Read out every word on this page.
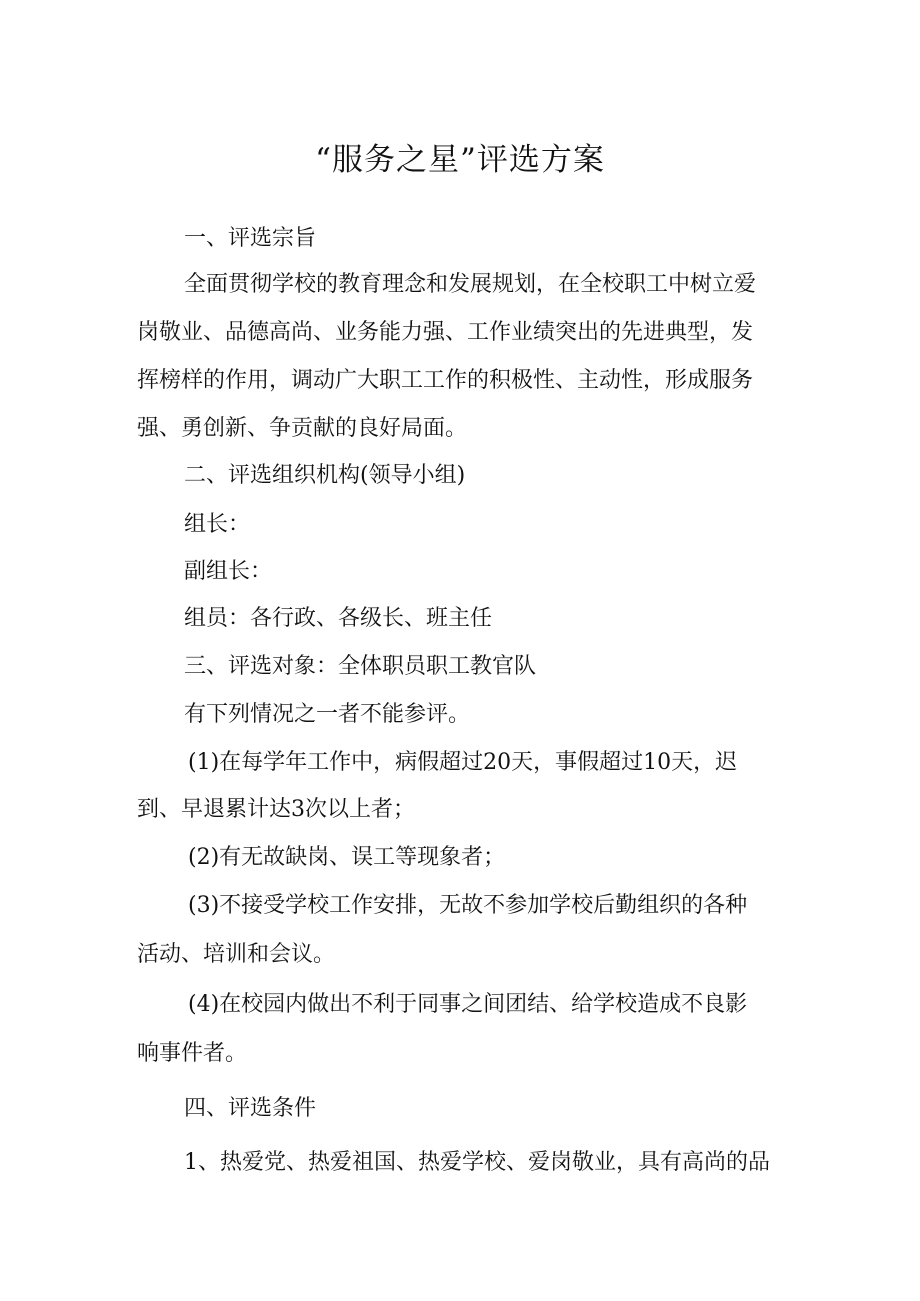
“服务之星”评选方案
一、评选宗旨
全面贯彻学校的教育理念和发展规划，在全校职工中树立爱
岗敬业、品德高尚、业务能力强、工作业绩突出的先进典型，发
挥榜样的作用，调动广大职工工作的积极性、主动性，形成服务
强、勇创新、争贡献的良好局面。
二、评选组织机构(领导小组)
组长：
副组长：
组员：各行政、各级长、班主任
三、评选对象：全体职员职工教官队
有下列情况之一者不能参评。
(1)在每学年工作中，病假超过20天，事假超过10天，迟
到、早退累计达3次以上者；
(2)有无故缺岗、误工等现象者；
(3)不接受学校工作安排，无故不参加学校后勤组织的各种
活动、培训和会议。
(4)在校园内做出不利于同事之间团结、给学校造成不良影
响事件者。
四、评选条件
1、热爱党、热爱祖国、热爱学校、爱岗敬业，具有高尚的品
